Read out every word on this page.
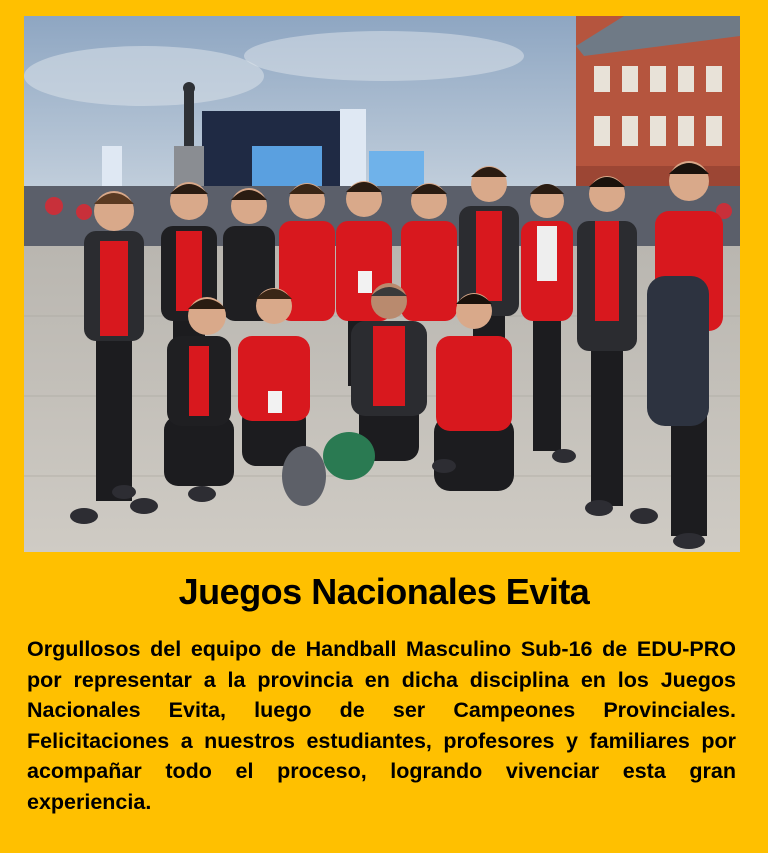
Juegos Nacionales Evita

Orgullosos del equipo de Handball Masculino Sub-16 de EDU-PRO por representar a la provincia en dicha disciplina en los Juegos Nacionales Evita, luego de ser Campeones Provinciales. Felicitaciones a nuestros estudiantes, profesores y familiares por acompañar todo el proceso, logrando vivenciar esta gran experiencia.
